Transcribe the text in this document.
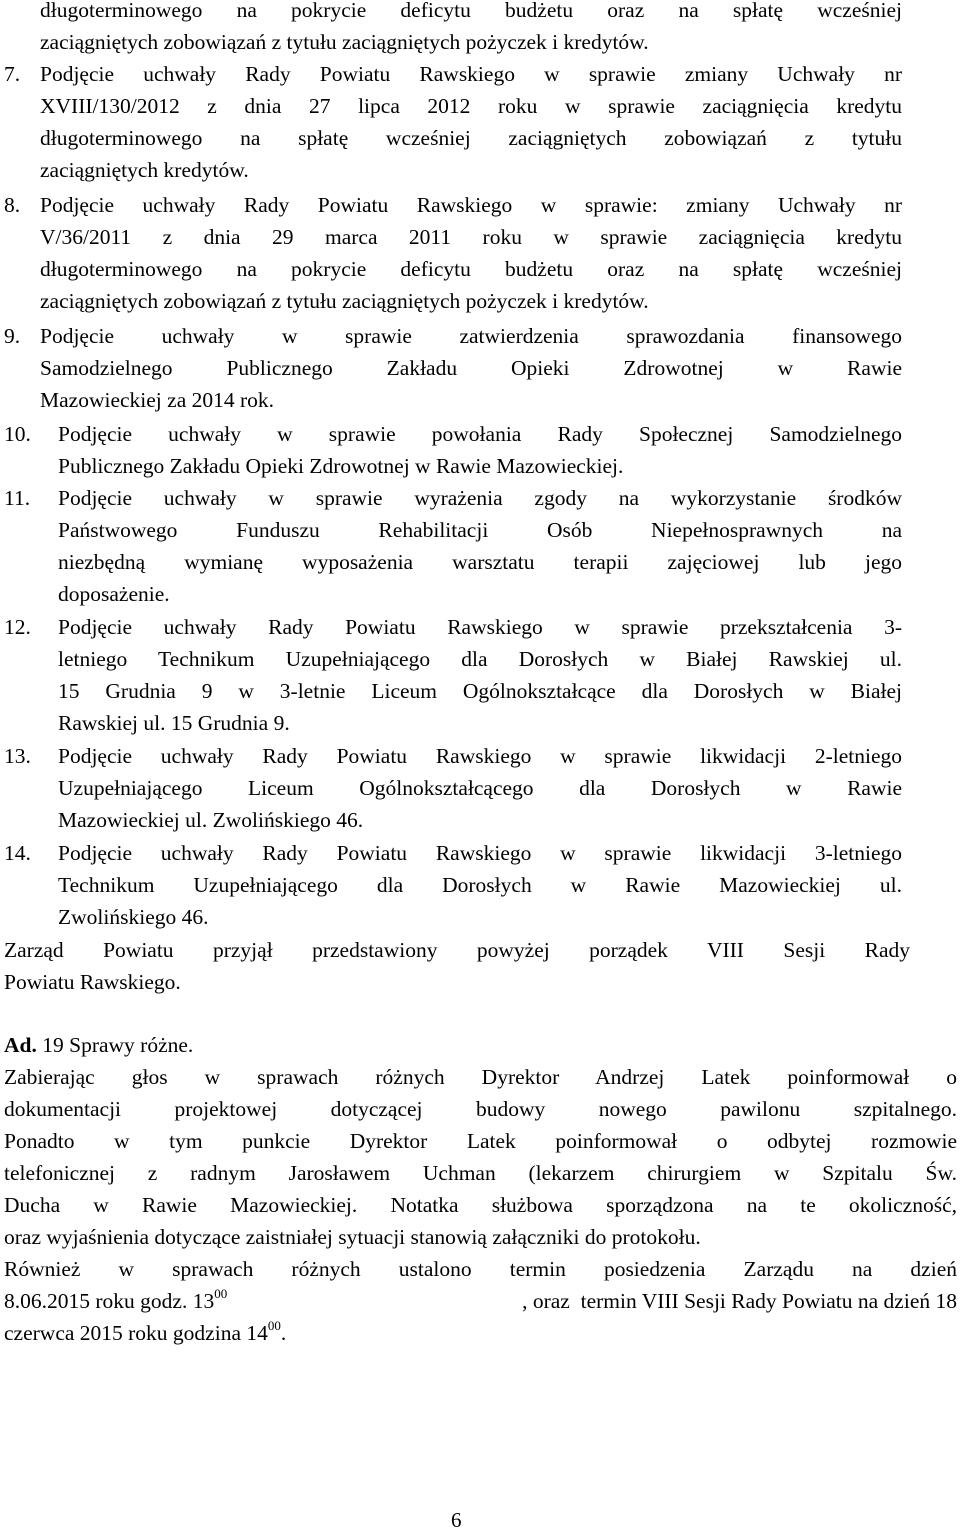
długoterminowego na pokrycie deficytu budżetu oraz na spłatę wcześniej
zaciągniętych zobowiązań z tytułu zaciągniętych pożyczek i kredytów.
7. Podjęcie uchwały Rady Powiatu Rawskiego w sprawie zmiany Uchwały nr
XVIII/130/2012 z dnia 27 lipca 2012 roku w sprawie zaciągnięcia kredytu
długoterminowego na spłatę wcześniej zaciągniętych zobowiązań z tytułu
zaciągniętych kredytów.
8. Podjęcie uchwały Rady Powiatu Rawskiego w sprawie: zmiany Uchwały nr
V/36/2011 z dnia 29 marca 2011 roku w sprawie zaciągnięcia kredytu
długoterminowego na pokrycie deficytu budżetu oraz na spłatę wcześniej
zaciągniętych zobowiązań z tytułu zaciągniętych pożyczek i kredytów.
9. Podjęcie uchwały w sprawie zatwierdzenia sprawozdania finansowego
Samodzielnego Publicznego Zakładu Opieki Zdrowotnej w Rawie
Mazowieckiej za 2014 rok.
10. Podjęcie uchwały w sprawie powołania Rady Społecznej Samodzielnego
Publicznego Zakładu Opieki Zdrowotnej w Rawie Mazowieckiej.
11. Podjęcie uchwały w sprawie wyrażenia zgody na wykorzystanie środków
Państwowego Funduszu Rehabilitacji Osób Niepełnosprawnych na
niezbędną wymianę wyposażenia warsztatu terapii zajęciowej lub jego
doposażenie.
12. Podjęcie uchwały Rady Powiatu Rawskiego w sprawie przekształcenia 3-
letniego Technikum Uzupełniającego dla Dorosłych w Białej Rawskiej ul.
15 Grudnia 9 w 3-letnie Liceum Ogólnokształcące dla Dorosłych w Białej
Rawskiej ul. 15 Grudnia 9.
13. Podjęcie uchwały Rady Powiatu Rawskiego w sprawie likwidacji 2-letniego
Uzupełniającego Liceum Ogólnokształcącego dla Dorosłych w Rawie
Mazowieckiej ul. Zwolińskiego 46.
14. Podjęcie uchwały Rady Powiatu Rawskiego w sprawie likwidacji 3-letniego
Technikum Uzupełniającego dla Dorosłych w Rawie Mazowieckiej ul.
Zwolińskiego 46.
Zarząd Powiatu przyjął przedstawiony powyżej porządek VIII Sesji Rady
Powiatu Rawskiego.
Ad. 19 Sprawy różne.
Zabierając głos w sprawach różnych Dyrektor Andrzej Latek poinformował o
dokumentacji projektowej dotyczącej budowy nowego pawilonu szpitalnego.
Ponadto w tym punkcie Dyrektor Latek poinformował o odbytej rozmowie
telefonicznej z radnym Jarosławem Uchman (lekarzem chirurgiem w Szpitalu Św.
Ducha w Rawie Mazowieckiej. Notatka służbowa sporządzona na te okoliczność,
oraz wyjaśnienia dotyczące zaistniałej sytuacji stanowią załączniki do protokołu.
Również w sprawach różnych ustalono termin posiedzenia Zarządu na dzień
8.06.2015 roku godz. $13^{00}$	, oraz  termin VIII Sesji Rady Powiatu na dzień 18
czerwca 2015 roku godzina $14^{00}$.
6
